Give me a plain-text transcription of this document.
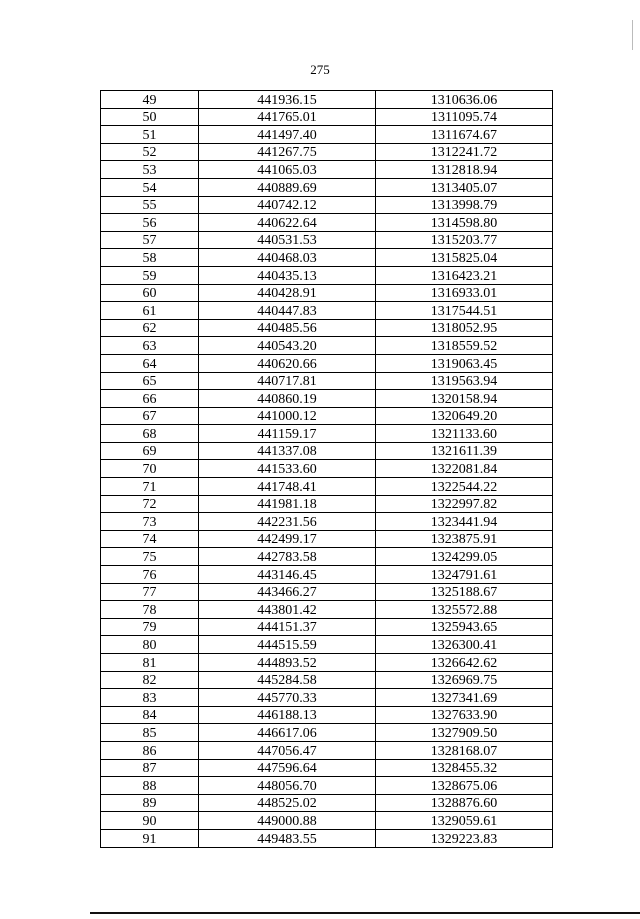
275
49	441936.15	1310636.06
50	441765.01	1311095.74
51	441497.40	1311674.67
52	441267.75	1312241.72
53	441065.03	1312818.94
54	440889.69	1313405.07
55	440742.12	1313998.79
56	440622.64	1314598.80
57	440531.53	1315203.77
58	440468.03	1315825.04
59	440435.13	1316423.21
60	440428.91	1316933.01
61	440447.83	1317544.51
62	440485.56	1318052.95
63	440543.20	1318559.52
64	440620.66	1319063.45
65	440717.81	1319563.94
66	440860.19	1320158.94
67	441000.12	1320649.20
68	441159.17	1321133.60
69	441337.08	1321611.39
70	441533.60	1322081.84
71	441748.41	1322544.22
72	441981.18	1322997.82
73	442231.56	1323441.94
74	442499.17	1323875.91
75	442783.58	1324299.05
76	443146.45	1324791.61
77	443466.27	1325188.67
78	443801.42	1325572.88
79	444151.37	1325943.65
80	444515.59	1326300.41
81	444893.52	1326642.62
82	445284.58	1326969.75
83	445770.33	1327341.69
84	446188.13	1327633.90
85	446617.06	1327909.50
86	447056.47	1328168.07
87	447596.64	1328455.32
88	448056.70	1328675.06
89	448525.02	1328876.60
90	449000.88	1329059.61
91	449483.55	1329223.83
